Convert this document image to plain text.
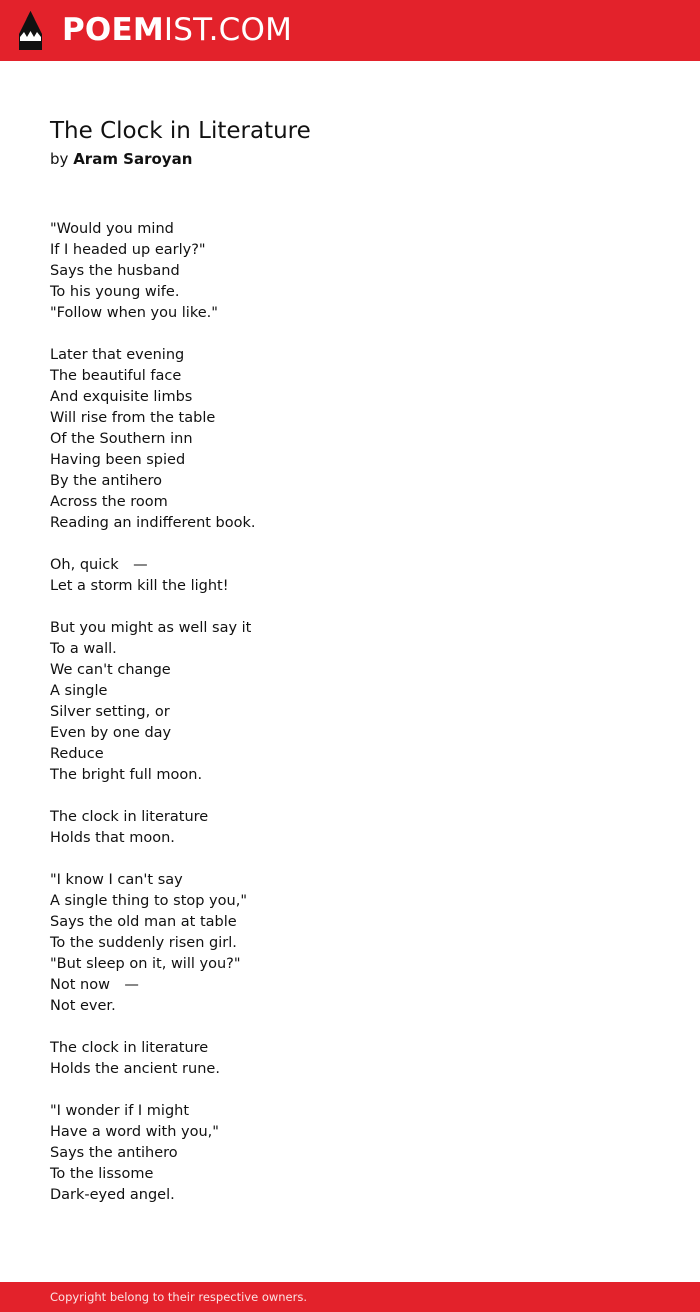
POEMIST.COM
The Clock in Literature
by Aram Saroyan
"Would you mind
If I headed up early?"
Says the husband
To his young wife.
"Follow when you like."
Later that evening
The beautiful face
And exquisite limbs
Will rise from the table
Of the Southern inn
Having been spied
By the antihero
Across the room
Reading an indifferent book.
Oh, quick — 
Let a storm kill the light!
But you might as well say it
To a wall.
We can't change
A single
Silver setting, or
Even by one day
Reduce
The bright full moon.
The clock in literature
Holds that moon.
"I know I can't say
A single thing to stop you,"
Says the old man at table
To the suddenly risen girl.
"But sleep on it, will you?"
Not now — 
Not ever.
The clock in literature
Holds the ancient rune.
"I wonder if I might
Have a word with you,"
Says the antihero
To the lissome
Dark-eyed angel.
Copyright belong to their respective owners.
